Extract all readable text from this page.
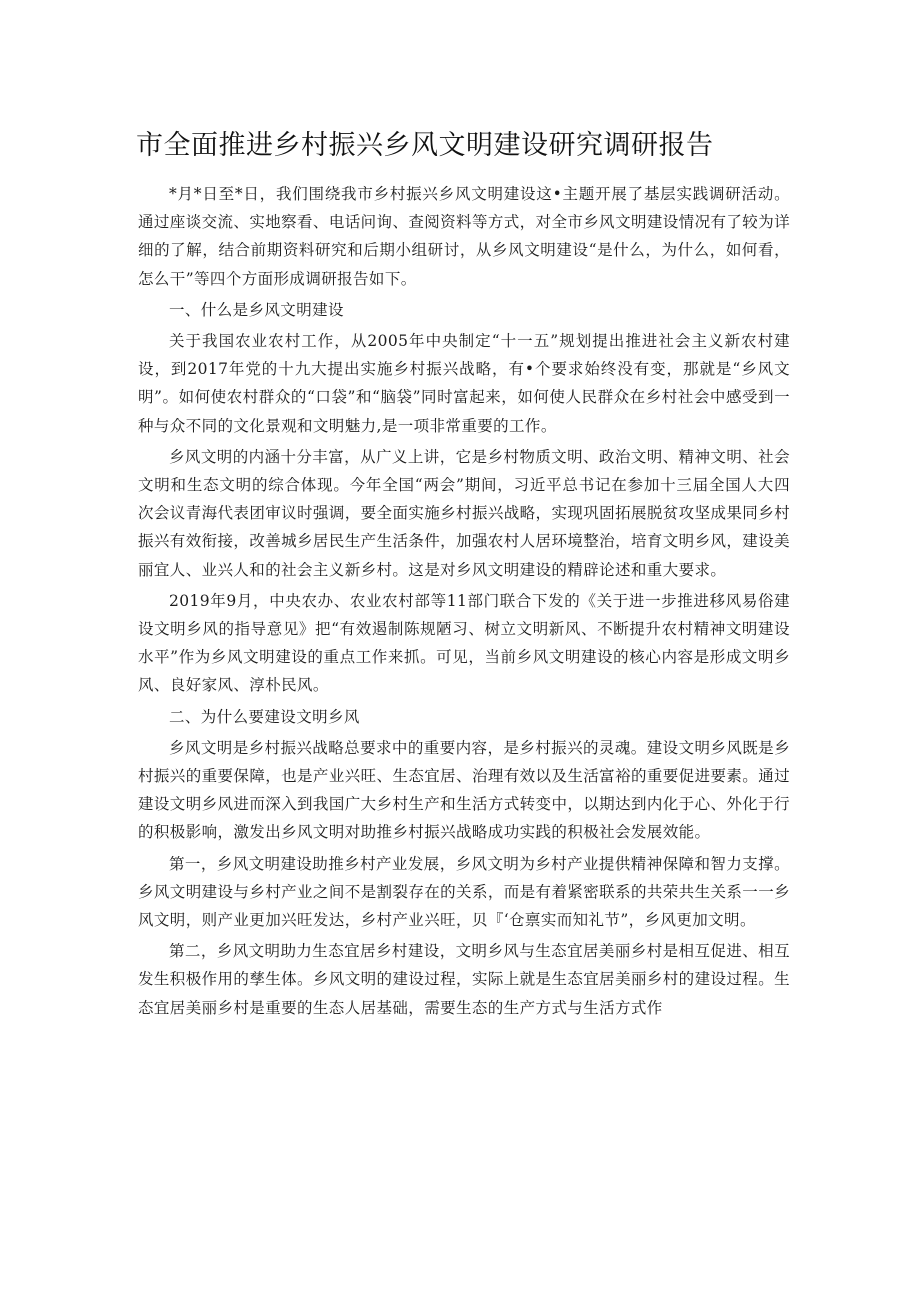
市全面推进乡村振兴乡风文明建设研究调研报告

*月*日至*日，我们围绕我市乡村振兴乡风文明建设这•主题开展了基层实践调研活动。通过座谈交流、实地察看、电话问询、查阅资料等方式，对全市乡风文明建设情况有了较为详细的了解，结合前期资料研究和后期小组研讨，从乡风文明建设“是什么，为什么，如何看，怎么干”等四个方面形成调研报告如下。

一、什么是乡风文明建设

关于我国农业农村工作，从2005年中央制定“十一五”规划提出推进社会主义新农村建设，到2017年党的十九大提出实施乡村振兴战略，有•个要求始终没有变，那就是“乡风文明”。如何使农村群众的“口袋”和“脑袋”同时富起来，如何使人民群众在乡村社会中感受到一种与众不同的文化景观和文明魅力,是一项非常重要的工作。

乡风文明的内涵十分丰富，从广义上讲，它是乡村物质文明、政治文明、精神文明、社会文明和生态文明的综合体现。今年全国“两会”期间，习近平总书记在参加十三届全国人大四次会议青海代表团审议时强调，要全面实施乡村振兴战略，实现巩固拓展脱贫攻坚成果同乡村振兴有效衔接，改善城乡居民生产生活条件，加强农村人居环境整治，培育文明乡风，建设美丽宜人、业兴人和的社会主义新乡村。这是对乡风文明建设的精辟论述和重大要求。

2019年9月，中央农办、农业农村部等11部门联合下发的《关于进一步推进移风易俗建设文明乡风的指导意见》把“有效遏制陈规陋习、树立文明新风、不断提升农村精神文明建设水平”作为乡风文明建设的重点工作来抓。可见，当前乡风文明建设的核心内容是形成文明乡风、良好家风、淳朴民风。

二、为什么要建设文明乡风

乡风文明是乡村振兴战略总要求中的重要内容，是乡村振兴的灵魂。建设文明乡风既是乡村振兴的重要保障，也是产业兴旺、生态宜居、治理有效以及生活富裕的重要促进要素。通过建设文明乡风进而深入到我国广大乡村生产和生活方式转变中，以期达到内化于心、外化于行的积极影响，激发出乡风文明对助推乡村振兴战略成功实践的积极社会发展效能。

第一，乡风文明建设助推乡村产业发展，乡风文明为乡村产业提供精神保障和智力支撑。乡风文明建设与乡村产业之间不是割裂存在的关系，而是有着紧密联系的共荣共生关系一一乡风文明，则产业更加兴旺发达，乡村产业兴旺，贝『‘仓禀实而知礼节”，乡风更加文明。

第二，乡风文明助力生态宜居乡村建设，文明乡风与生态宜居美丽乡村是相互促进、相互发生积极作用的孳生体。乡风文明的建设过程，实际上就是生态宜居美丽乡村的建设过程。生态宜居美丽乡村是重要的生态人居基础，需要生态的生产方式与生活方式作
